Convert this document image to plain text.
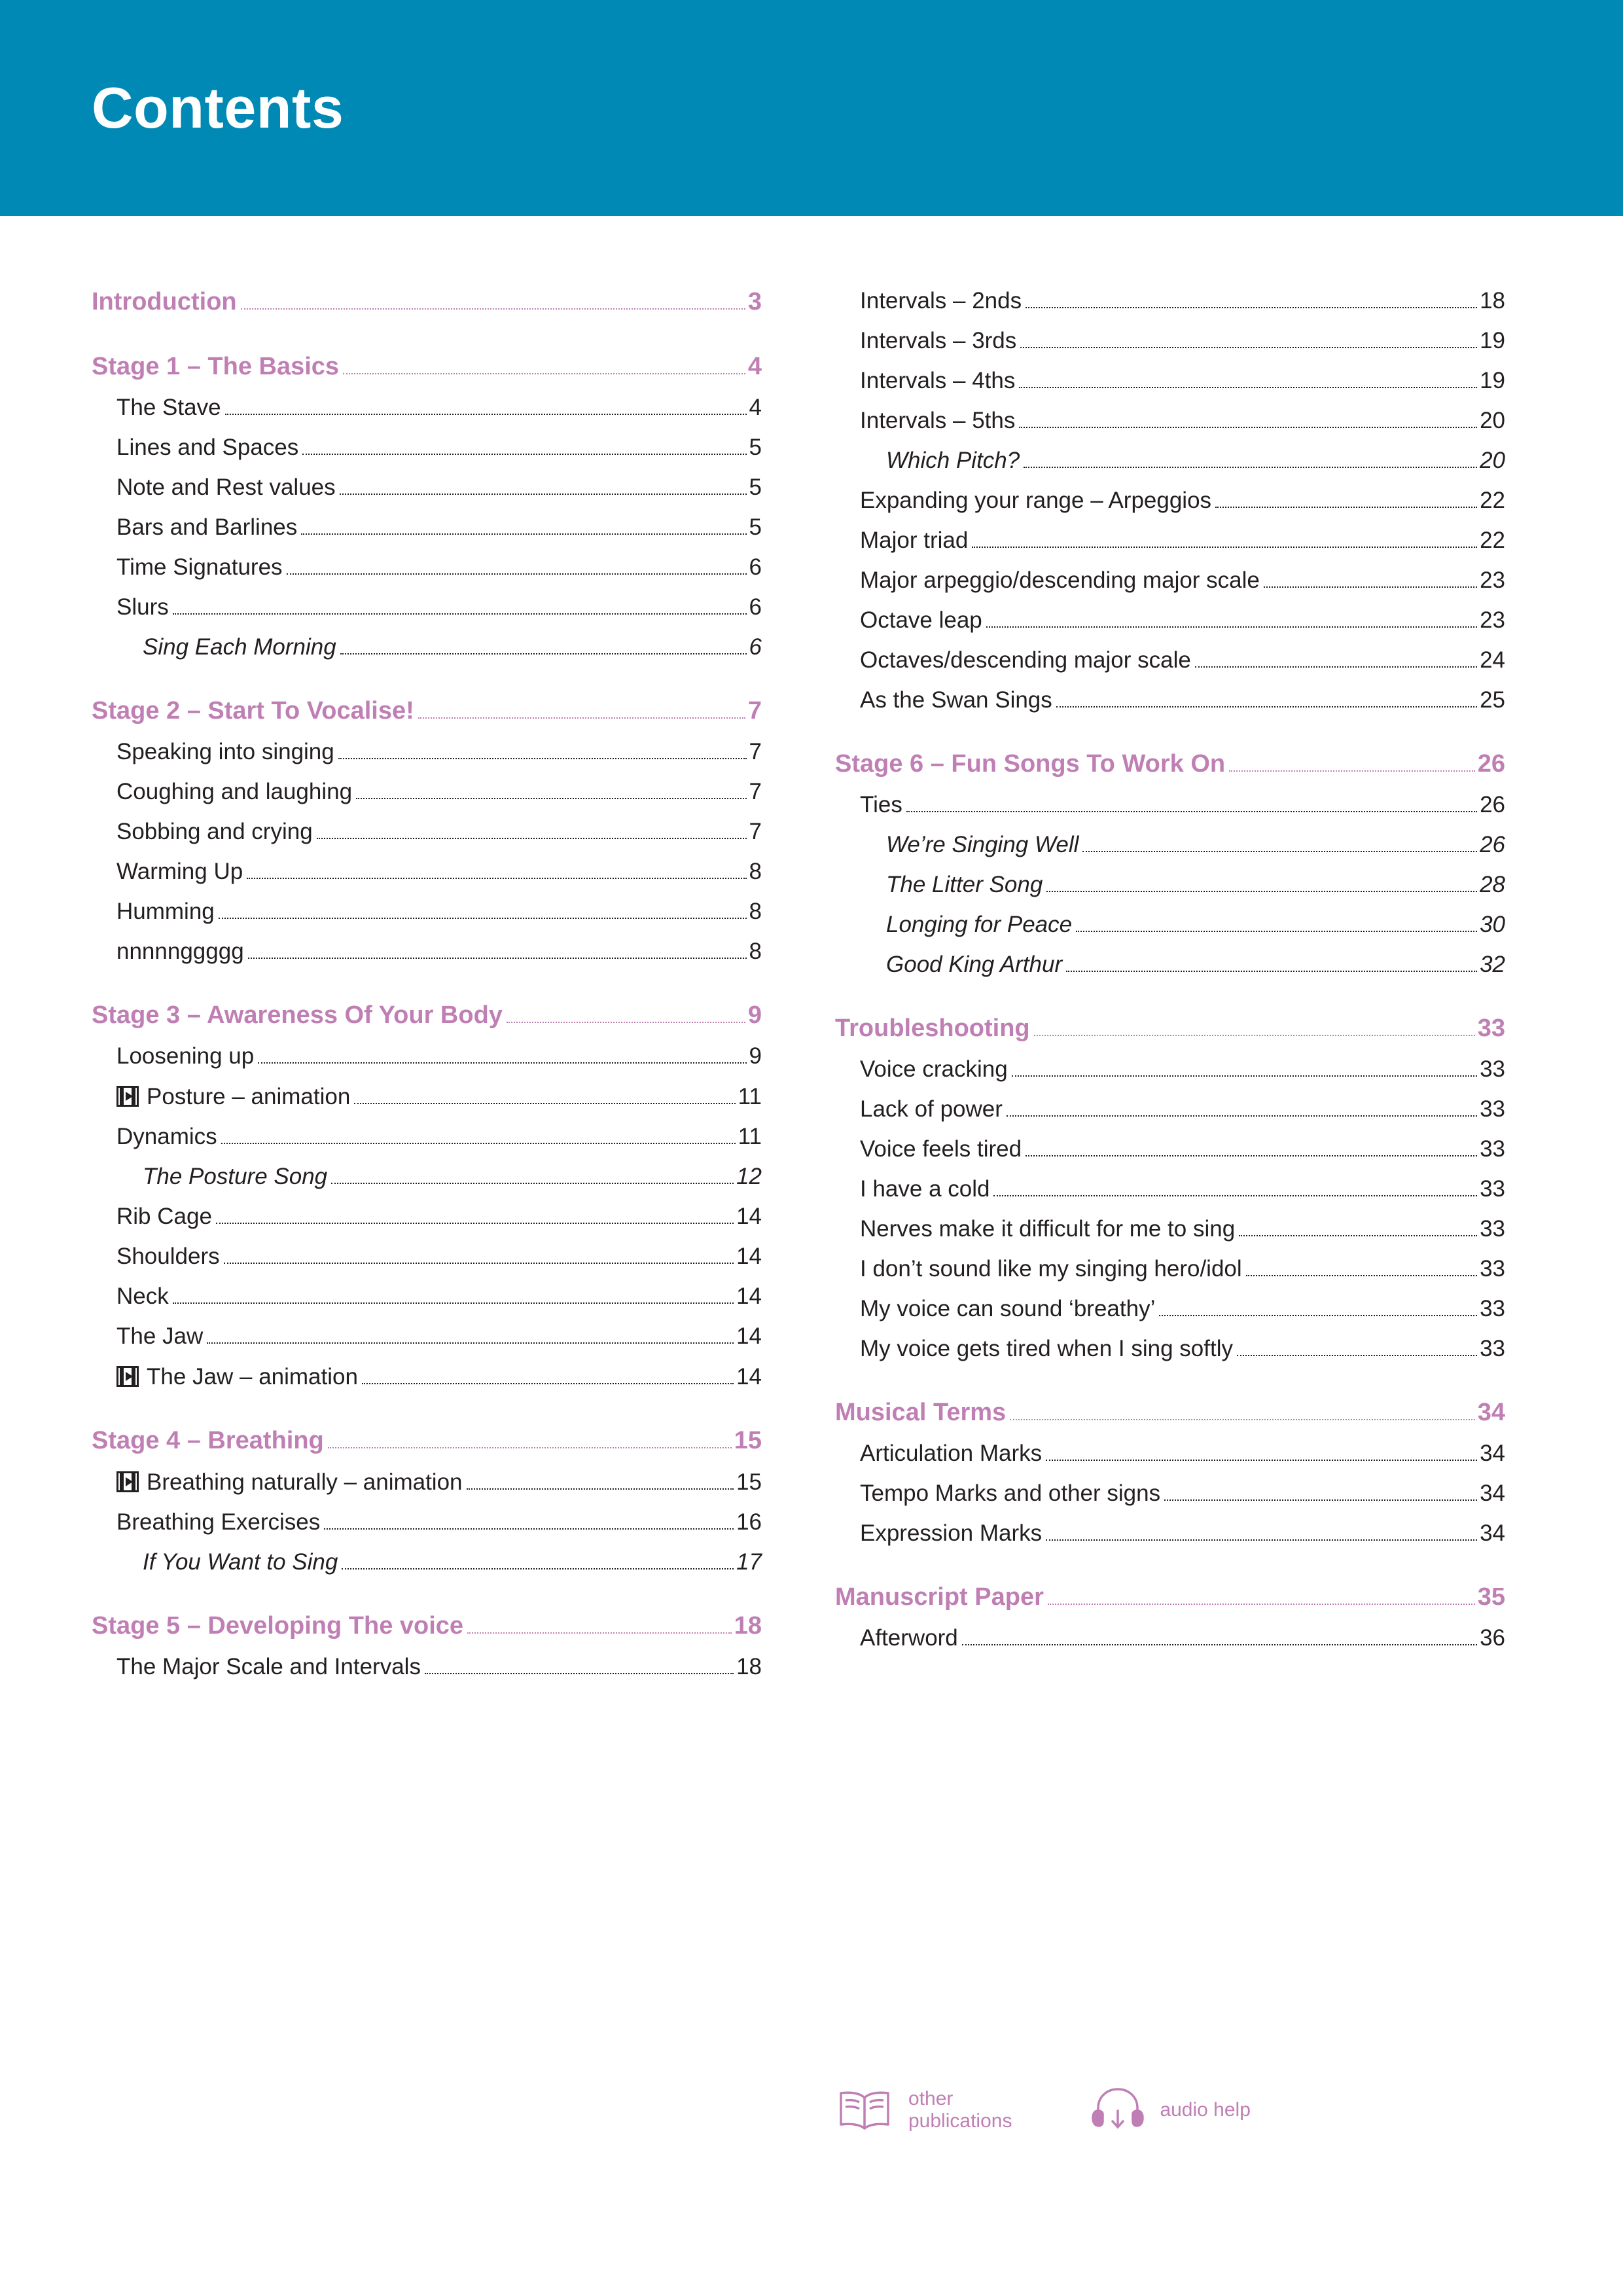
Contents
Introduction	3
Stage 1 – The Basics	4
The Stave	4
Lines and Spaces	5
Note and Rest values	5
Bars and Barlines	5
Time Signatures	6
Slurs	6
Sing Each Morning	6
Stage 2 – Start To Vocalise!	7
Speaking into singing	7
Coughing and laughing	7
Sobbing and crying	7
Warming Up	8
Humming	8
nnnnnggggg	8
Stage 3 – Awareness Of Your Body	9
Loosening up	9
Posture – animation	11
Dynamics	11
The Posture Song	12
Rib Cage	14
Shoulders	14
Neck	14
The Jaw	14
The Jaw – animation	14
Stage 4 – Breathing	15
Breathing naturally – animation	15
Breathing Exercises	16
If You Want to Sing	17
Stage 5 – Developing The voice	18
The Major Scale and Intervals	18
Intervals – 2nds	18
Intervals – 3rds	19
Intervals – 4ths	19
Intervals – 5ths	20
Which Pitch?	20
Expanding your range – Arpeggios	22
Major triad	22
Major arpeggio/descending major scale	23
Octave leap	23
Octaves/descending major scale	24
As the Swan Sings	25
Stage 6 – Fun Songs To Work On	26
Ties	26
We’re Singing Well	26
The Litter Song	28
Longing for Peace	30
Good King Arthur	32
Troubleshooting	33
Voice cracking	33
Lack of power	33
Voice feels tired	33
I have a cold	33
Nerves make it difficult for me to sing	33
I don’t sound like my singing hero/idol	33
My voice can sound ‘breathy’	33
My voice gets tired when I sing softly	33
Musical Terms	34
Articulation Marks	34
Tempo Marks and other signs	34
Expression Marks	34
Manuscript Paper	35
Afterword	36
other
publications
audio help
